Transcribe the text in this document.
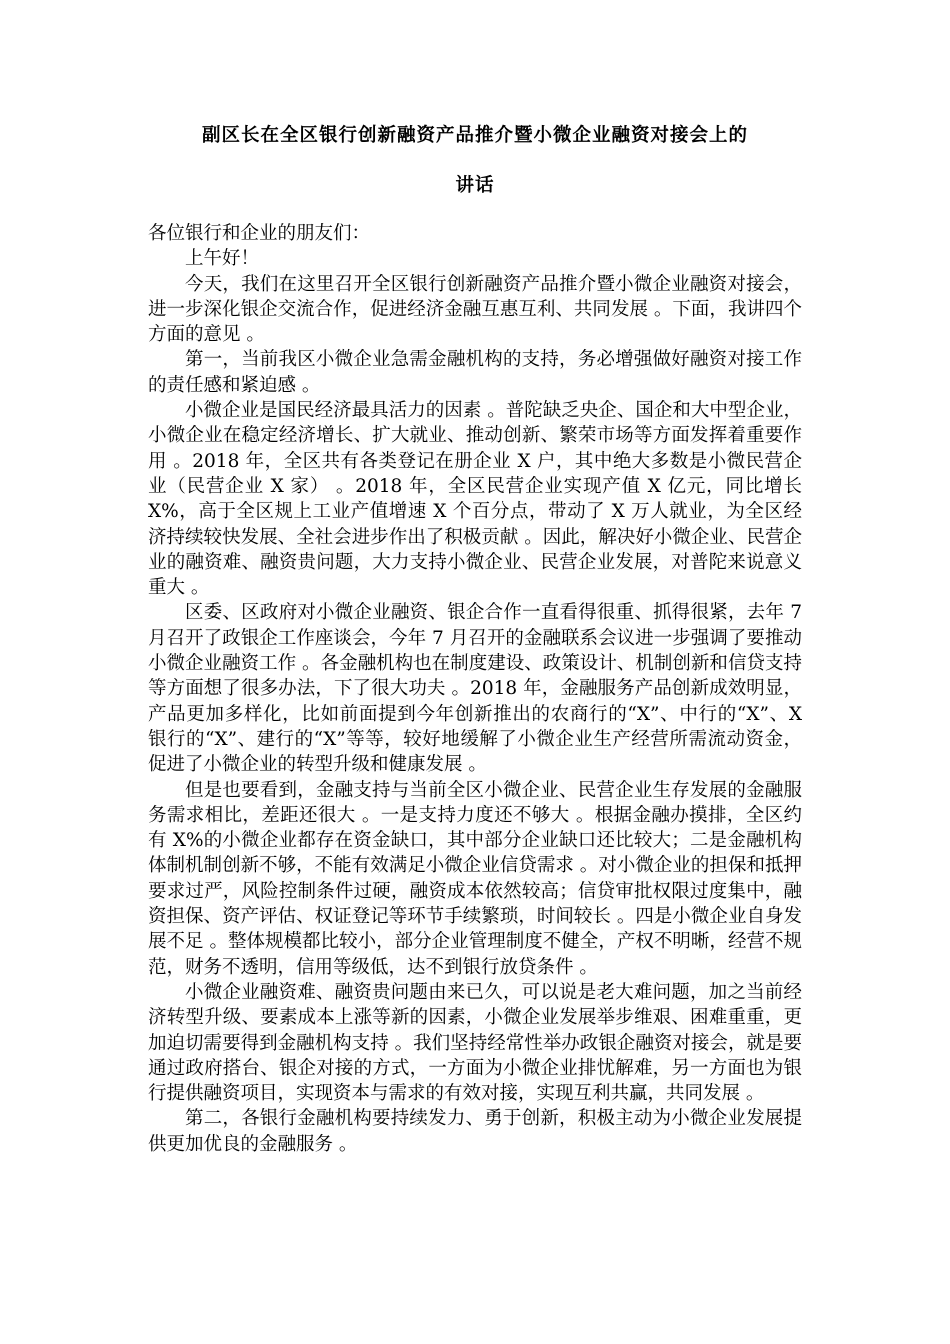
副区长在全区银行创新融资产品推介暨小微企业融资对接会上的
讲话

各位银行和企业的朋友们：

上午好！

今天，我们在这里召开全区银行创新融资产品推介暨小微企业融资对接会，进一步深化银企交流合作，促进经济金融互惠互利、共同发展 。下面，我讲四个方面的意见 。

第一，当前我区小微企业急需金融机构的支持，务必增强做好融资对接工作的责任感和紧迫感 。

小微企业是国民经济最具活力的因素 。普陀缺乏央企、国企和大中型企业，小微企业在稳定经济增长、扩大就业、推动创新、繁荣市场等方面发挥着重要作用 。2018 年，全区共有各类登记在册企业 X 户，其中绝大多数是小微民营企业（民营企业 X 家） 。2018 年，全区民营企业实现产值 X 亿元，同比增长 X%，高于全区规上工业产值增速 X 个百分点，带动了 X 万人就业，为全区经济持续较快发展、全社会进步作出了积极贡献 。因此，解决好小微企业、民营企业的融资难、融资贵问题，大力支持小微企业、民营企业发展，对普陀来说意义重大 。

区委、区政府对小微企业融资、银企合作一直看得很重、抓得很紧，去年 7 月召开了政银企工作座谈会，今年 7 月召开的金融联系会议进一步强调了要推动小微企业融资工作 。各金融机构也在制度建设、政策设计、机制创新和信贷支持等方面想了很多办法，下了很大功夫 。2018 年，金融服务产品创新成效明显，产品更加多样化，比如前面提到今年创新推出的农商行的“X”、中行的“X”、X 银行的“X”、建行的“X”等等，较好地缓解了小微企业生产经营所需流动资金，促进了小微企业的转型升级和健康发展 。

但是也要看到，金融支持与当前全区小微企业、民营企业生存发展的金融服务需求相比，差距还很大 。一是支持力度还不够大 。根据金融办摸排，全区约有 X%的小微企业都存在资金缺口，其中部分企业缺口还比较大；二是金融机构体制机制创新不够，不能有效满足小微企业信贷需求 。对小微企业的担保和抵押要求过严，风险控制条件过硬，融资成本依然较高；信贷审批权限过度集中，融资担保、资产评估、权证登记等环节手续繁琐，时间较长 。四是小微企业自身发展不足 。整体规模都比较小，部分企业管理制度不健全，产权不明晰，经营不规范，财务不透明，信用等级低，达不到银行放贷条件 。

小微企业融资难、融资贵问题由来已久，可以说是老大难问题，加之当前经济转型升级、要素成本上涨等新的因素，小微企业发展举步维艰、困难重重，更加迫切需要得到金融机构支持 。我们坚持经常性举办政银企融资对接会，就是要通过政府搭台、银企对接的方式，一方面为小微企业排忧解难，另一方面也为银行提供融资项目，实现资本与需求的有效对接，实现互利共赢，共同发展 。

第二，各银行金融机构要持续发力、勇于创新，积极主动为小微企业发展提供更加优良的金融服务 。
